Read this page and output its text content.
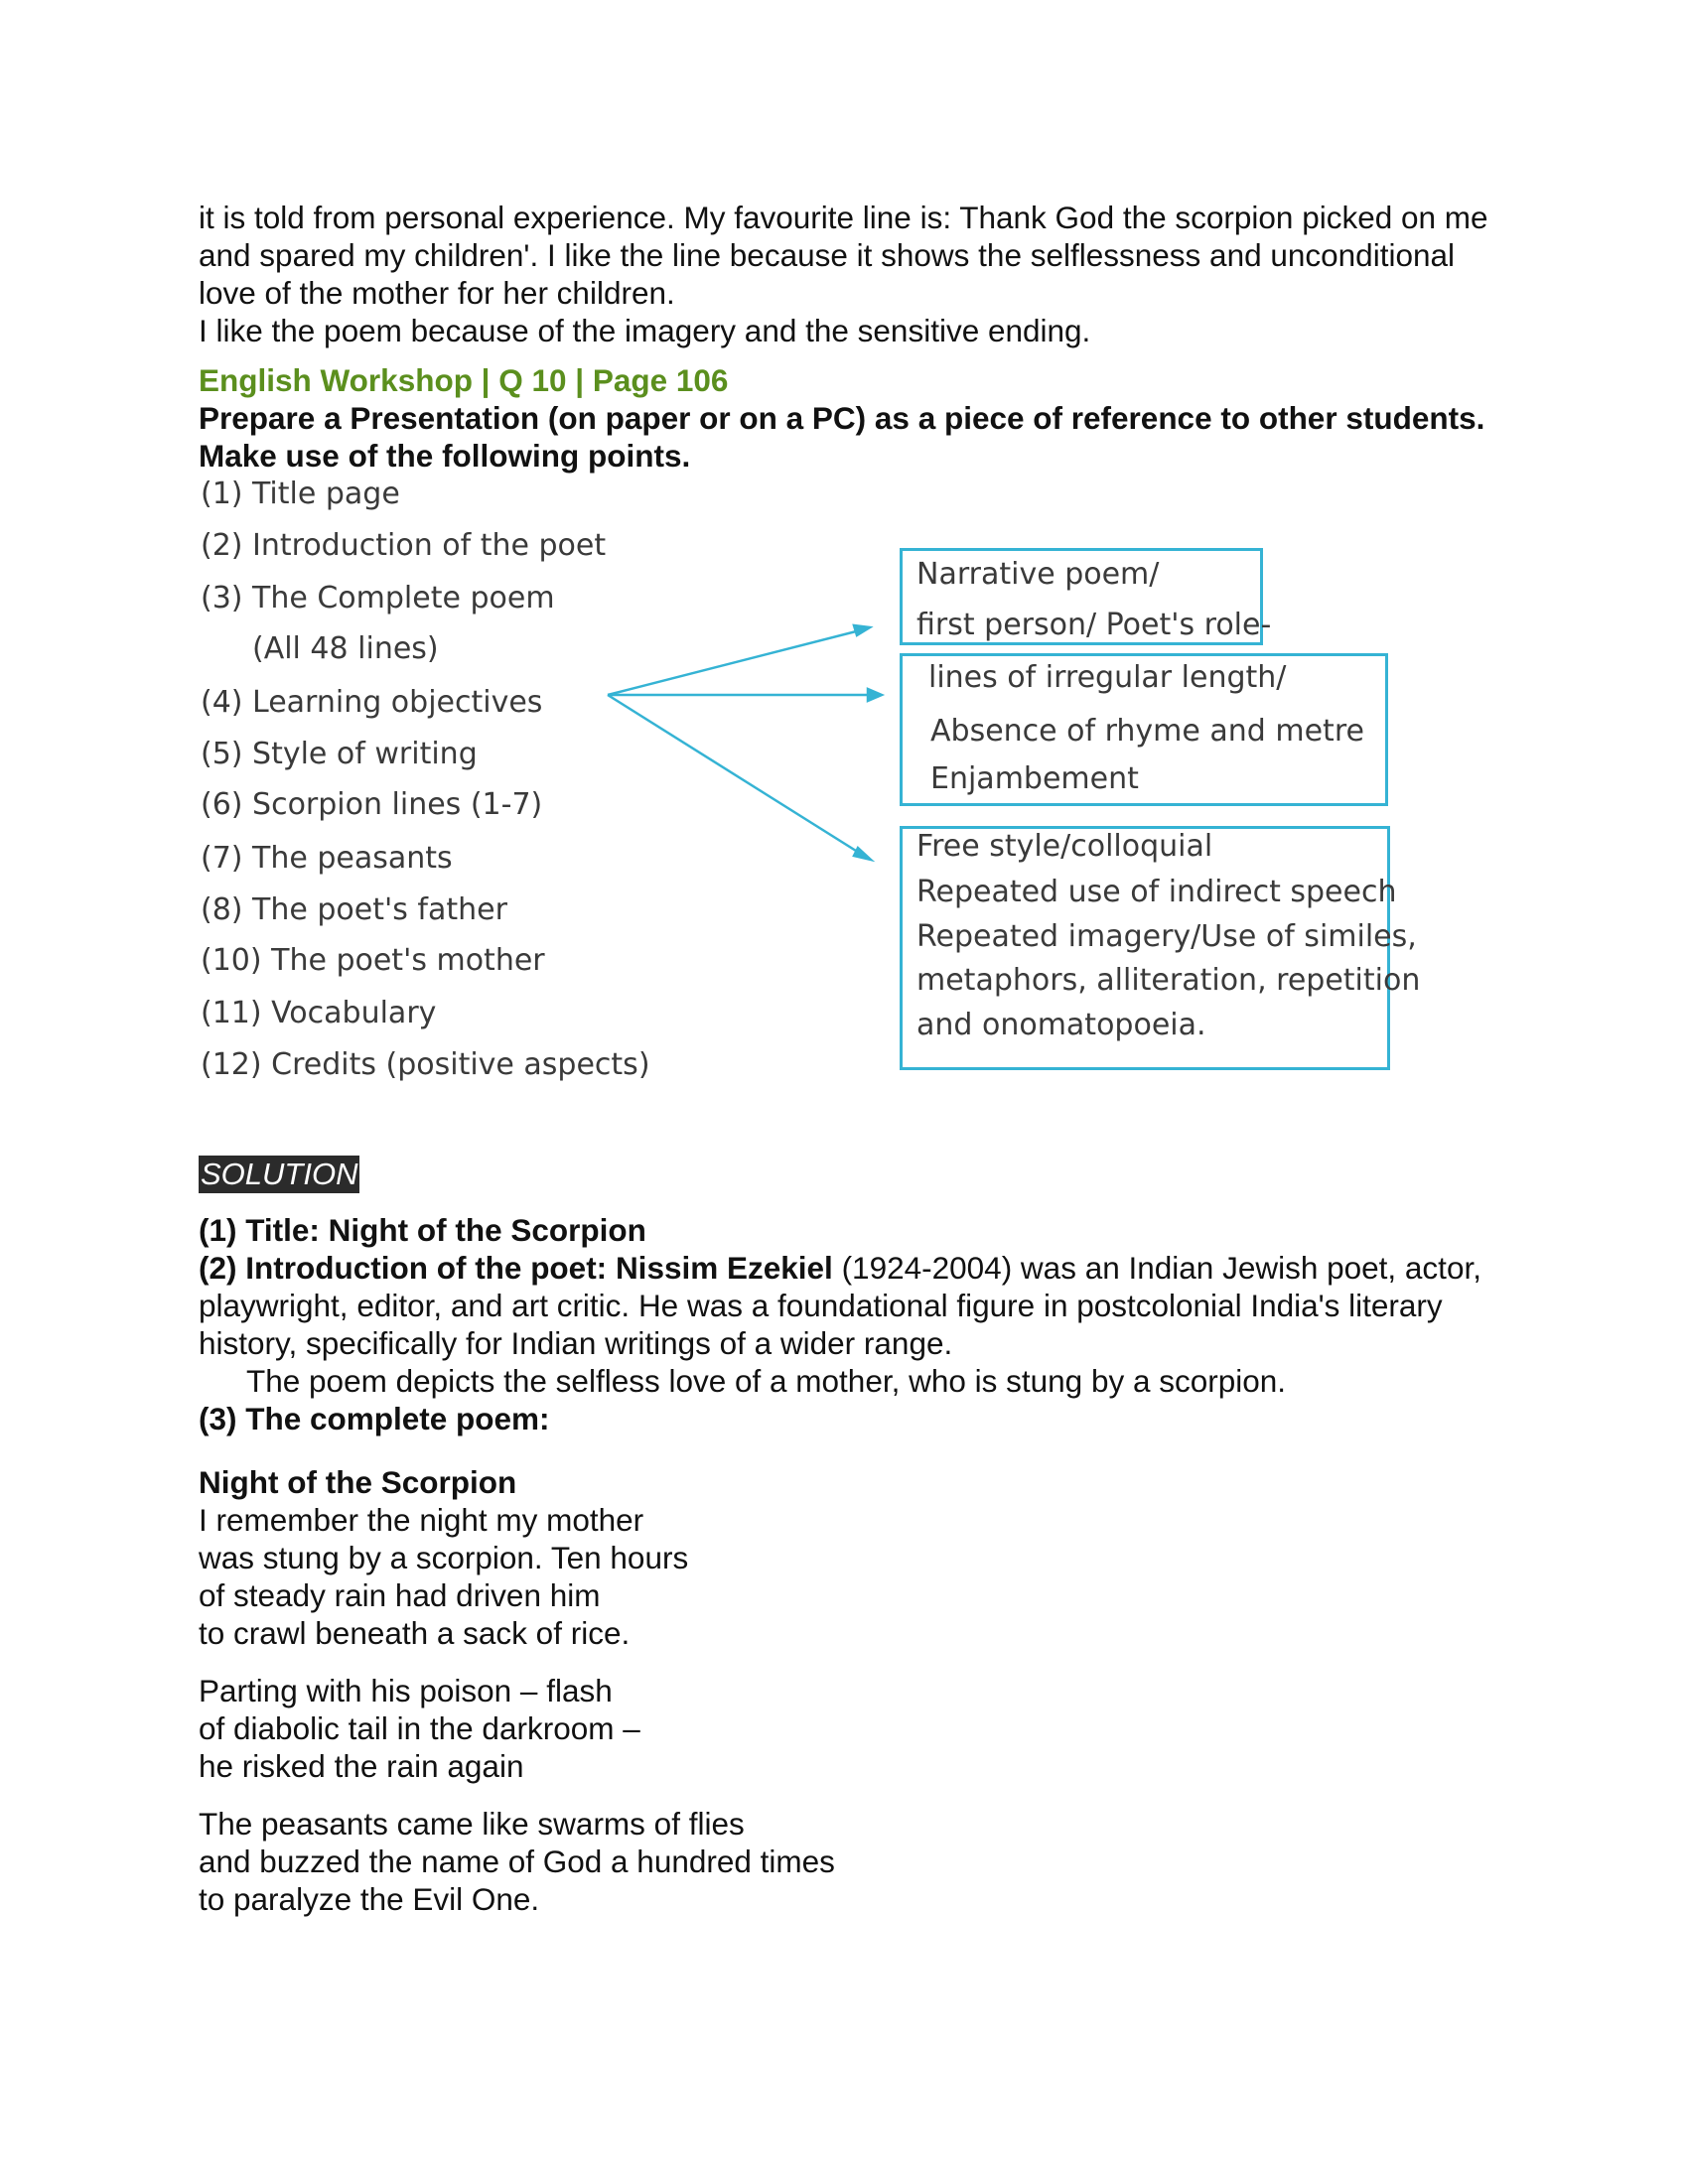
it is told from personal experience. My favourite line is: Thank God the scorpion picked on me and spared my children'. I like the line because it shows the selflessness and unconditional love of the mother for her children.

I like the poem because of the imagery and the sensitive ending.

English Workshop | Q 10 | Page 106

Prepare a Presentation (on paper or on a PC) as a piece of reference to other students. Make use of the following points.

(1) Title page
(2) Introduction of the poet
(3) The Complete poem
(All 48 lines)
(4) Learning objectives
(5) Style of writing
(6) Scorpion lines (1-7)
(7) The peasants
(8) The poet's father
(10) The poet's mother
(11) Vocabulary
(12) Credits (positive aspects)
Narrative poem/
first person/ Poet's role-
lines of irregular length/
Absence of rhyme and metre
Enjambement
Free style/colloquial
Repeated use of indirect speech
Repeated imagery/Use of similes,
metaphors, alliteration, repetition
and onomatopoeia.
SOLUTION

(1) Title: Night of the Scorpion

(2) Introduction of the poet: Nissim Ezekiel (1924-2004) was an Indian Jewish poet, actor, playwright, editor, and art critic. He was a foundational figure in postcolonial India's literary history, specifically for Indian writings of a wider range.

The poem depicts the selfless love of a mother, who is stung by a scorpion.

(3) The complete poem:

Night of the Scorpion

I remember the night my mother

was stung by a scorpion. Ten hours

of steady rain had driven him

to crawl beneath a sack of rice.

Parting with his poison – flash

of diabolic tail in the darkroom –

he risked the rain again

The peasants came like swarms of flies

and buzzed the name of God a hundred times

to paralyze the Evil One.
